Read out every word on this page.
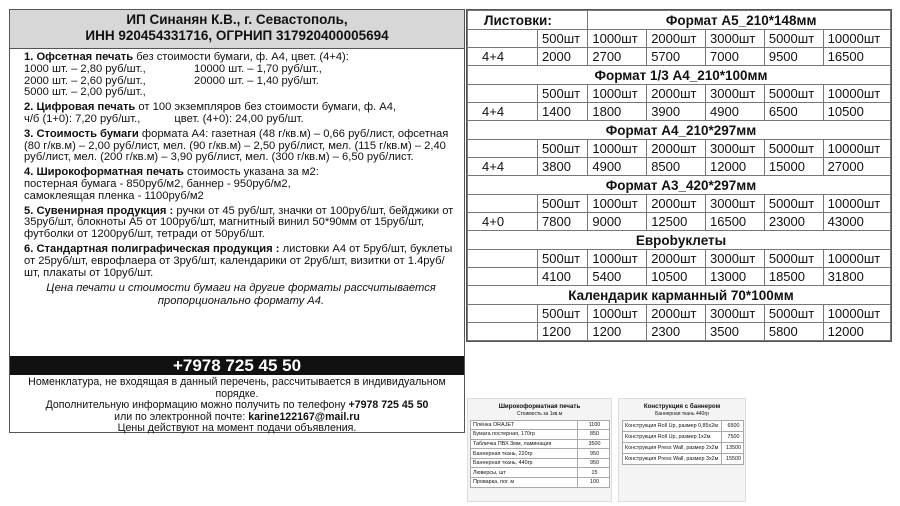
ИП Синанян К.В., г. Севастополь,
ИНН 920454331716, ОГРНИП 317920400005694
1. Офсетная печать без стоимости бумаги, ф. А4, цвет. (4+4):
1000 шт. – 2,80 руб/шт.,	10000 шт. – 1,70 руб/шт.,
2000 шт. – 2,60 руб/шт.,	20000 шт. – 1,40 руб/шт.
5000 шт. – 2,00 руб/шт.,
2. Цифровая печать от 100 экземпляров без стоимости бумаги, ф. А4,
ч/б (1+0): 7,20 руб/шт.,	цвет. (4+0): 24,00 руб/шт.
3. Стоимость бумаги формата А4: газетная (48 г/кв.м) – 0,66 руб/лист, офсетная (80 г/кв.м) – 2,00 руб/лист, мел. (90 г/кв.м) – 2,50 руб/лист, мел. (115 г/кв.м) – 2,40 руб/лист, мел. (200 г/кв.м) – 3,90 руб/лист, мел. (300 г/кв.м) – 6,50 руб/лист.
4. Широкоформатная печать стоимость указана за м2:
постерная бумага - 850руб/м2, баннер - 950руб/м2,
самоклеящая пленка - 1100руб/м2
5. Сувенирная продукция : ручки от 45 руб/шт, значки от 100руб/шт, бейджики от 35руб/шт, блокноты А5 от 100руб/шт, магнитный винил 50*90мм от 15руб/шт, футболки от 1200руб/шт, тетради от 50руб/шт.
6. Стандартная полиграфическая продукция : листовки А4 от 5руб/шт, буклеты от 25руб/шт, еврофлаера от 3руб/шт, календарики от 2руб/шт, визитки от 1.4руб/шт, плакаты от 10руб/шт.
Цена печати и стоимости бумаги на другие форматы рассчитывается пропорционально формату А4.
+7978 725 45 50
Номенклатура, не входящая в данный перечень, рассчитывается в индивидуальном порядке.
Дополнительную информацию можно получить по телефону +7978 725 45 50
или по электронной почте: karine122167@mail.ru
Цены действуют на момент подачи объявления.
Листовки:		Формат А5_210*148мм				
	500шт	1000шт	2000шт	3000шт	5000шт	10000шт
4+4	2000	2700	5700	7000	9500	16500
Формат 1/3 А4_210*100мм						
	500шт	1000шт	2000шт	3000шт	5000шт	10000шт
4+4	1400	1800	3900	4900	6500	10500
Формат А4_210*297мм						
	500шт	1000шт	2000шт	3000шт	5000шт	10000шт
4+4	3800	4900	8500	12000	15000	27000
Формат А3_420*297мм						
	500шт	1000шт	2000шт	3000шт	5000шт	10000шт
4+0	7800	9000	12500	16500	23000	43000
Еврobуклеты						
	500шт	1000шт	2000шт	3000шт	5000шт	10000шт
	4100	5400	10500	13000	18500	31800
Календарик карманный 70*100мм						
	500шт	1000шт	2000шт	3000шт	5000шт	10000шт
	1200	1200	2300	3500	5800	12000
Широкоформатная печать
Стоимость за 1кв.м
Плёнка ORAJET	1100
Бумага постерная, 170гр	850
Табличка ПВХ 3мм, ламинация	3500
Баннерная ткань, 220гр	950
Баннерная ткань, 440гр	950
Люверсы, шт	15
Проварка, пог. м	100
Конструкция с баннером
Баннерная ткань 440гр
Конструкция Roll Up, размер 0,85х2м	6500
Конструкция Roll Up, размер 1х2м	7500
Конструкция Press Wall, размер 2х2м	13500
Конструкция Press Wall, размер 3х2м	15500
